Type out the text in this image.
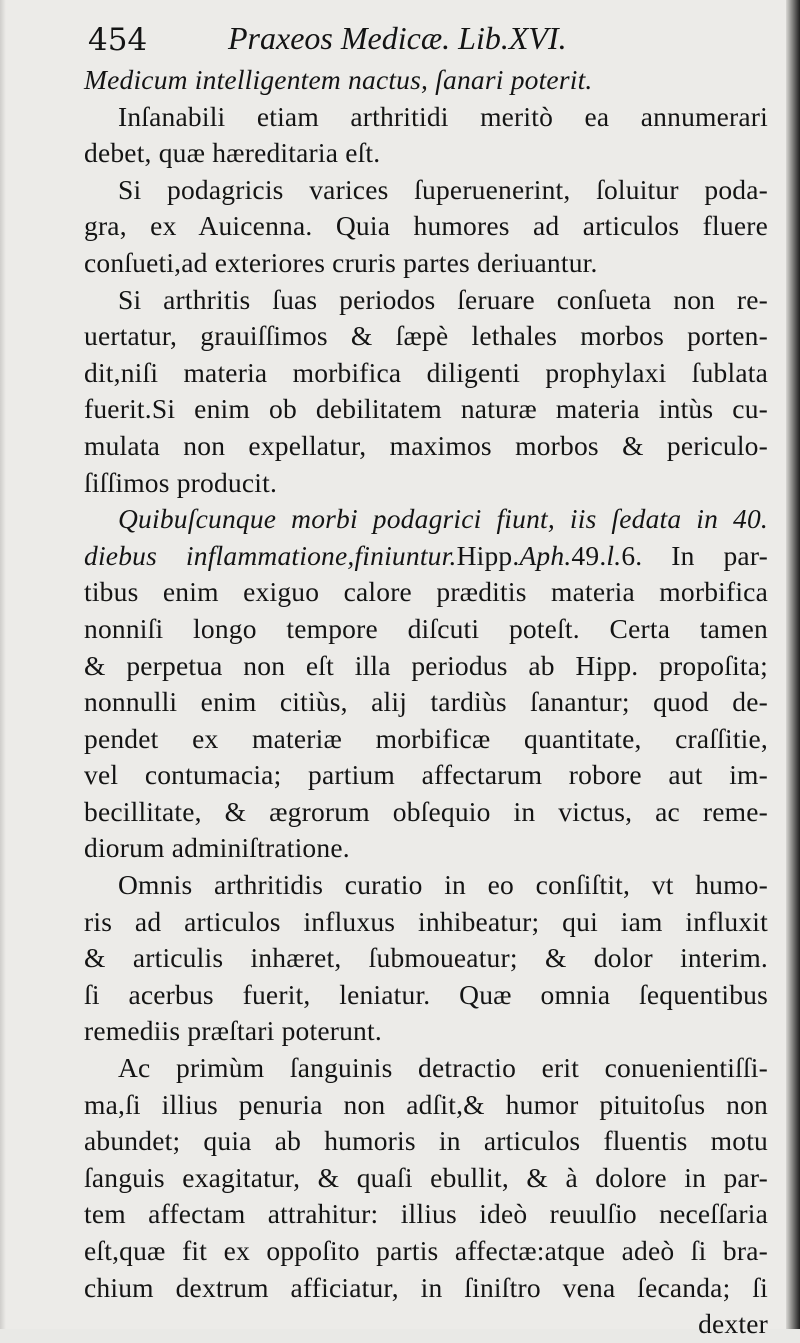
454	Praxeos Medicæ. Lib.XVI.
Medicum intelligentem nactus, ſanari poterit.
Inſanabili etiam arthritidi meritò ea annumerari
debet, quæ hæreditaria eſt.
Si podagricis varices ſuperuenerint, ſoluitur poda-
gra, ex Auicenna. Quia humores ad articulos fluere
conſueti,ad exteriores cruris partes deriuantur.
Si arthritis ſuas periodos ſeruare conſueta non re-
uertatur, grauiſſimos & ſæpè lethales morbos porten-
dit,niſi materia morbifica diligenti prophylaxi ſublata
fuerit.Si enim ob debilitatem naturæ materia intùs cu-
mulata non expellatur, maximos morbos & periculo-
ſiſſimos producit.
Quibuſcunque morbi podagrici fiunt, iis ſedata in 40.
diebus inflammatione,finiuntur.Hipp.Aph.49.l.6. In par-
tibus enim exiguo calore præditis materia morbifica
nonniſi longo tempore diſcuti poteſt. Certa tamen
& perpetua non eſt illa periodus ab Hipp. propoſita;
nonnulli enim citiùs, alij tardiùs ſanantur; quod de-
pendet ex materiæ morbificæ quantitate, craſſitie,
vel contumacia; partium affectarum robore aut im-
becillitate, & ægrorum obſequio in victus, ac reme-
diorum adminiſtratione.
Omnis arthritidis curatio in eo conſiſtit, vt humo-
ris ad articulos influxus inhibeatur; qui iam influxit
& articulis inhæret, ſubmoueatur; & dolor interim.
ſi acerbus fuerit, leniatur. Quæ omnia ſequentibus
remediis præſtari poterunt.
Ac primùm ſanguinis detractio erit conuenientiſſi-
ma,ſi illius penuria non adſit,& humor pituitoſus non
abundet; quia ab humoris in articulos fluentis motu
ſanguis exagitatur, & quaſi ebullit, & à dolore in par-
tem affectam attrahitur: illius ideò reuulſio neceſſaria
eſt,quæ fit ex oppoſito partis affectæ:atque adeò ſi bra-
chium dextrum afficiatur, in ſiniſtro vena ſecanda; ſi
dexter
